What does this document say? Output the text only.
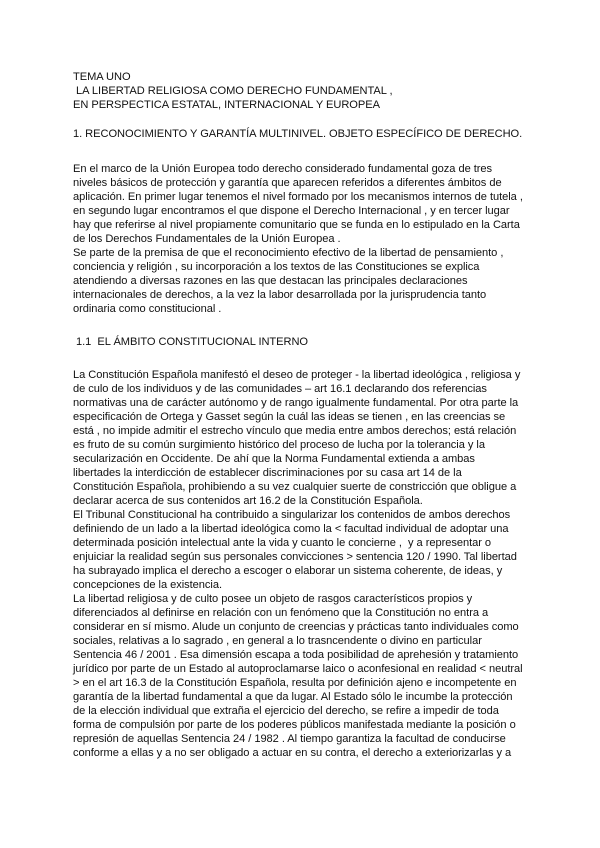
TEMA UNO
LA LIBERTAD RELIGIOSA COMO DERECHO FUNDAMENTAL ,
EN PERSPECTICA ESTATAL, INTERNACIONAL Y EUROPEA
1. RECONOCIMIENTO Y GARANTÍA MULTINIVEL. OBJETO ESPECÍFICO DE DERECHO.
En el marco de la Unión Europea todo derecho considerado fundamental goza de tres
niveles básicos de protección y garantía que aparecen referidos a diferentes ámbitos de
aplicación. En primer lugar tenemos el nivel formado por los mecanismos internos de tutela ,
en segundo lugar encontramos el que dispone el Derecho Internacional , y en tercer lugar
hay que referirse al nivel propiamente comunitario que se funda en lo estipulado en la Carta
de los Derechos Fundamentales de la Unión Europea .
Se parte de la premisa de que el reconocimiento efectivo de la libertad de pensamiento ,
conciencia y religión , su incorporación a los textos de las Constituciones se explica
atendiendo a diversas razones en las que destacan las principales declaraciones
internacionales de derechos, a la vez la labor desarrollada por la jurisprudencia tanto
ordinaria como constitucional .
1.1  EL ÁMBITO CONSTITUCIONAL INTERNO
La Constitución Española manifestó el deseo de proteger - la libertad ideológica , religiosa y
de culo de los individuos y de las comunidades – art 16.1 declarando dos referencias
normativas una de carácter autónomo y de rango igualmente fundamental. Por otra parte la
especificación de Ortega y Gasset según la cuál las ideas se tienen , en las creencias se
está , no impide admitir el estrecho vínculo que media entre ambos derechos; está relación
es fruto de su común surgimiento histórico del proceso de lucha por la tolerancia y la
secularización en Occidente. De ahí que la Norma Fundamental extienda a ambas
libertades la interdicción de establecer discriminaciones por su casa art 14 de la
Constitución Española, prohibiendo a su vez cualquier suerte de constricción que obligue a
declarar acerca de sus contenidos art 16.2 de la Constitución Española.
El Tribunal Constitucional ha contribuido a singularizar los contenidos de ambos derechos
definiendo de un lado a la libertad ideológica como la < facultad individual de adoptar una
determinada posición intelectual ante la vida y cuanto le concierne ,  y a representar o
enjuiciar la realidad según sus personales convicciones > sentencia 120 / 1990. Tal libertad
ha subrayado implica el derecho a escoger o elaborar un sistema coherente, de ideas, y
concepciones de la existencia.
La libertad religiosa y de culto posee un objeto de rasgos característicos propios y
diferenciados al definirse en relación con un fenómeno que la Constitución no entra a
considerar en sí mismo. Alude un conjunto de creencias y prácticas tanto individuales como
sociales, relativas a lo sagrado , en general a lo trasncendente o divino en particular
Sentencia 46 / 2001 . Esa dimensión escapa a toda posibilidad de aprehesión y tratamiento
jurídico por parte de un Estado al autoproclamarse laico o aconfesional en realidad < neutral
> en el art 16.3 de la Constitución Española, resulta por definición ajeno e incompetente en
garantía de la libertad fundamental a que da lugar. Al Estado sólo le incumbe la protección
de la elección individual que extraña el ejercicio del derecho, se refire a impedir de toda
forma de compulsión por parte de los poderes públicos manifestada mediante la posición o
represión de aquellas Sentencia 24 / 1982 . Al tiempo garantiza la facultad de conducirse
conforme a ellas y a no ser obligado a actuar en su contra, el derecho a exteriorizarlas y a
